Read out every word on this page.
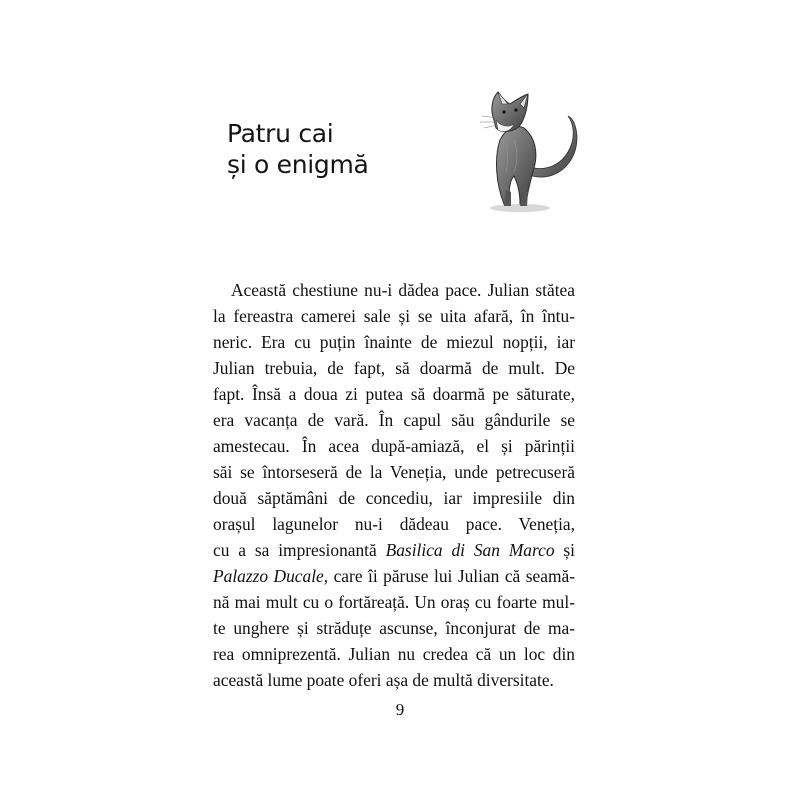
Patru cai
și o enigmă
Această chestiune nu-i dădea pace. Julian stătea
la fereastra camerei sale și se uita afară, în întu-
neric. Era cu puțin înainte de miezul nopții, iar
Julian trebuia, de fapt, să doarmă de mult. De
fapt. Însă a doua zi putea să doarmă pe săturate,
era vacanța de vară. În capul său gândurile se
amestecau. În acea după-amiază, el și părinții
săi se întorseseră de la Veneția, unde petrecuseră
două săptămâni de concediu, iar impresiile din
orașul lagunelor nu-i dădeau pace. Veneția,
cu a sa impresionantă Basilica di San Marco și
Palazzo Ducale, care îi păruse lui Julian că seamă-
nă mai mult cu o fortăreață. Un oraș cu foarte mul-
te unghere și străduțe ascunse, înconjurat de ma-
rea omniprezentă. Julian nu credea că un loc din
această lume poate oferi așa de multă diversitate.
9
